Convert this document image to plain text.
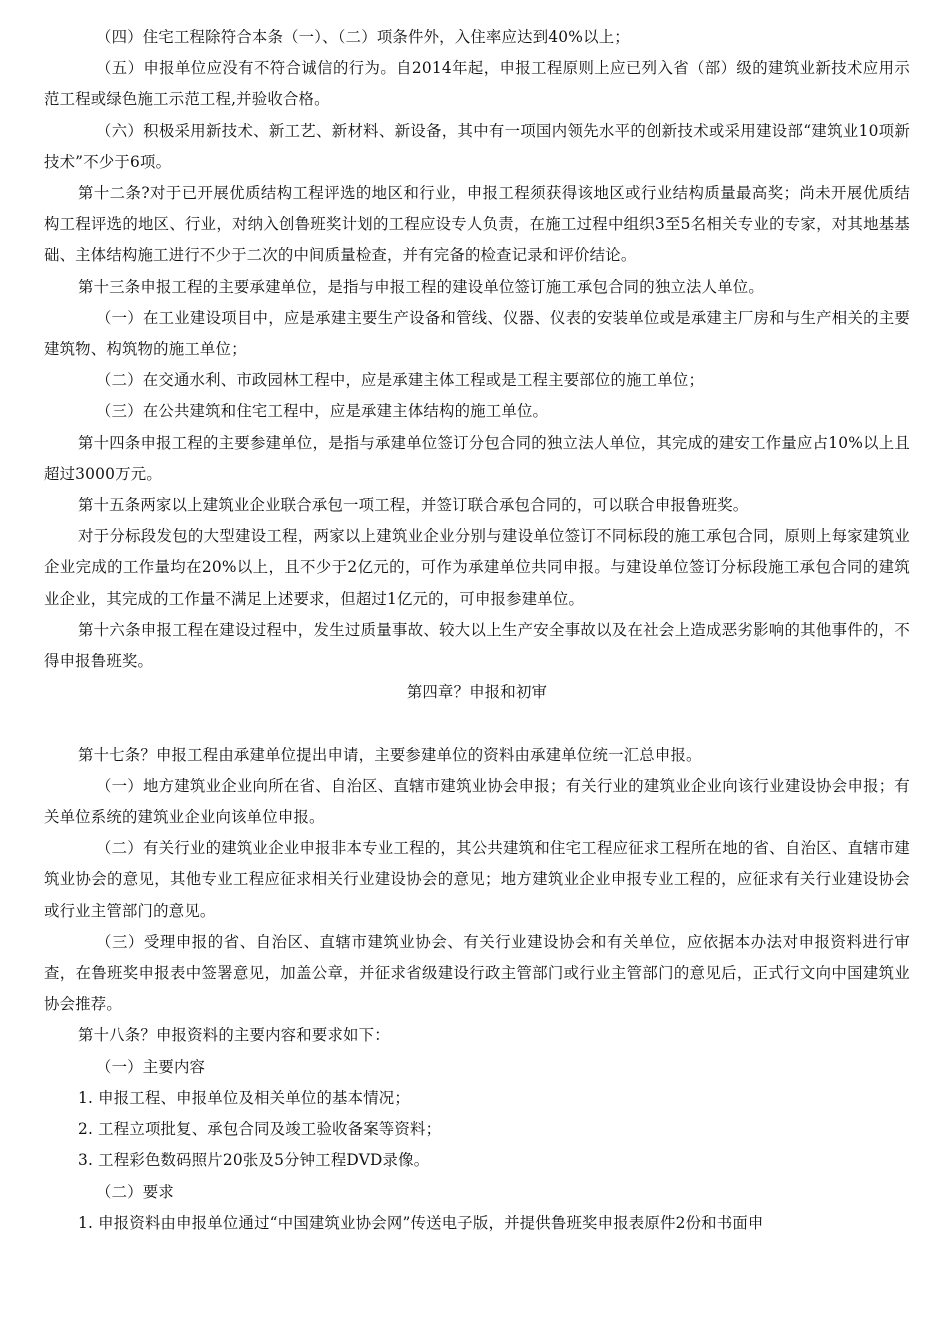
（四）住宅工程除符合本条（一）、（二）项条件外，入住率应达到40%以上；

（五）申报单位应没有不符合诚信的行为。自2014年起，申报工程原则上应已列入省（部）级的建筑业新技术应用示范工程或绿色施工示范工程,并验收合格。

（六）积极采用新技术、新工艺、新材料、新设备，其中有一项国内领先水平的创新技术或采用建设部“建筑业10项新技术”不少于6项。

第十二条?对于已开展优质结构工程评选的地区和行业，申报工程须获得该地区或行业结构质量最高奖；尚未开展优质结构工程评选的地区、行业，对纳入创鲁班奖计划的工程应设专人负责，在施工过程中组织3至5名相关专业的专家，对其地基基础、主体结构施工进行不少于二次的中间质量检查，并有完备的检查记录和评价结论。

第十三条申报工程的主要承建单位，是指与申报工程的建设单位签订施工承包合同的独立法人单位。

（一）在工业建设项目中，应是承建主要生产设备和管线、仪器、仪表的安装单位或是承建主厂房和与生产相关的主要建筑物、构筑物的施工单位；

（二）在交通水利、市政园林工程中，应是承建主体工程或是工程主要部位的施工单位；

（三）在公共建筑和住宅工程中，应是承建主体结构的施工单位。

第十四条申报工程的主要参建单位，是指与承建单位签订分包合同的独立法人单位，其完成的建安工作量应占10%以上且超过3000万元。

第十五条两家以上建筑业企业联合承包一项工程，并签订联合承包合同的，可以联合申报鲁班奖。

对于分标段发包的大型建设工程，两家以上建筑业企业分别与建设单位签订不同标段的施工承包合同，原则上每家建筑业企业完成的工作量均在20%以上，且不少于2亿元的，可作为承建单位共同申报。与建设单位签订分标段施工承包合同的建筑业企业，其完成的工作量不满足上述要求，但超过1亿元的，可申报参建单位。

第十六条申报工程在建设过程中，发生过质量事故、较大以上生产安全事故以及在社会上造成恶劣影响的其他事件的，不得申报鲁班奖。

第四章？申报和初审

第十七条？申报工程由承建单位提出申请，主要参建单位的资料由承建单位统一汇总申报。

（一）地方建筑业企业向所在省、自治区、直辖市建筑业协会申报；有关行业的建筑业企业向该行业建设协会申报；有关单位系统的建筑业企业向该单位申报。

（二）有关行业的建筑业企业申报非本专业工程的，其公共建筑和住宅工程应征求工程所在地的省、自治区、直辖市建筑业协会的意见，其他专业工程应征求相关行业建设协会的意见；地方建筑业企业申报专业工程的，应征求有关行业建设协会或行业主管部门的意见。

（三）受理申报的省、自治区、直辖市建筑业协会、有关行业建设协会和有关单位，应依据本办法对申报资料进行审查，在鲁班奖申报表中签署意见，加盖公章，并征求省级建设行政主管部门或行业主管部门的意见后，正式行文向中国建筑业协会推荐。

第十八条？申报资料的主要内容和要求如下：

（一）主要内容

1. 申报工程、申报单位及相关单位的基本情况；

2. 工程立项批复、承包合同及竣工验收备案等资料；

3. 工程彩色数码照片20张及5分钟工程DVD录像。

（二）要求

1. 申报资料由申报单位通过“中国建筑业协会网”传送电子版，并提供鲁班奖申报表原件2份和书面申
